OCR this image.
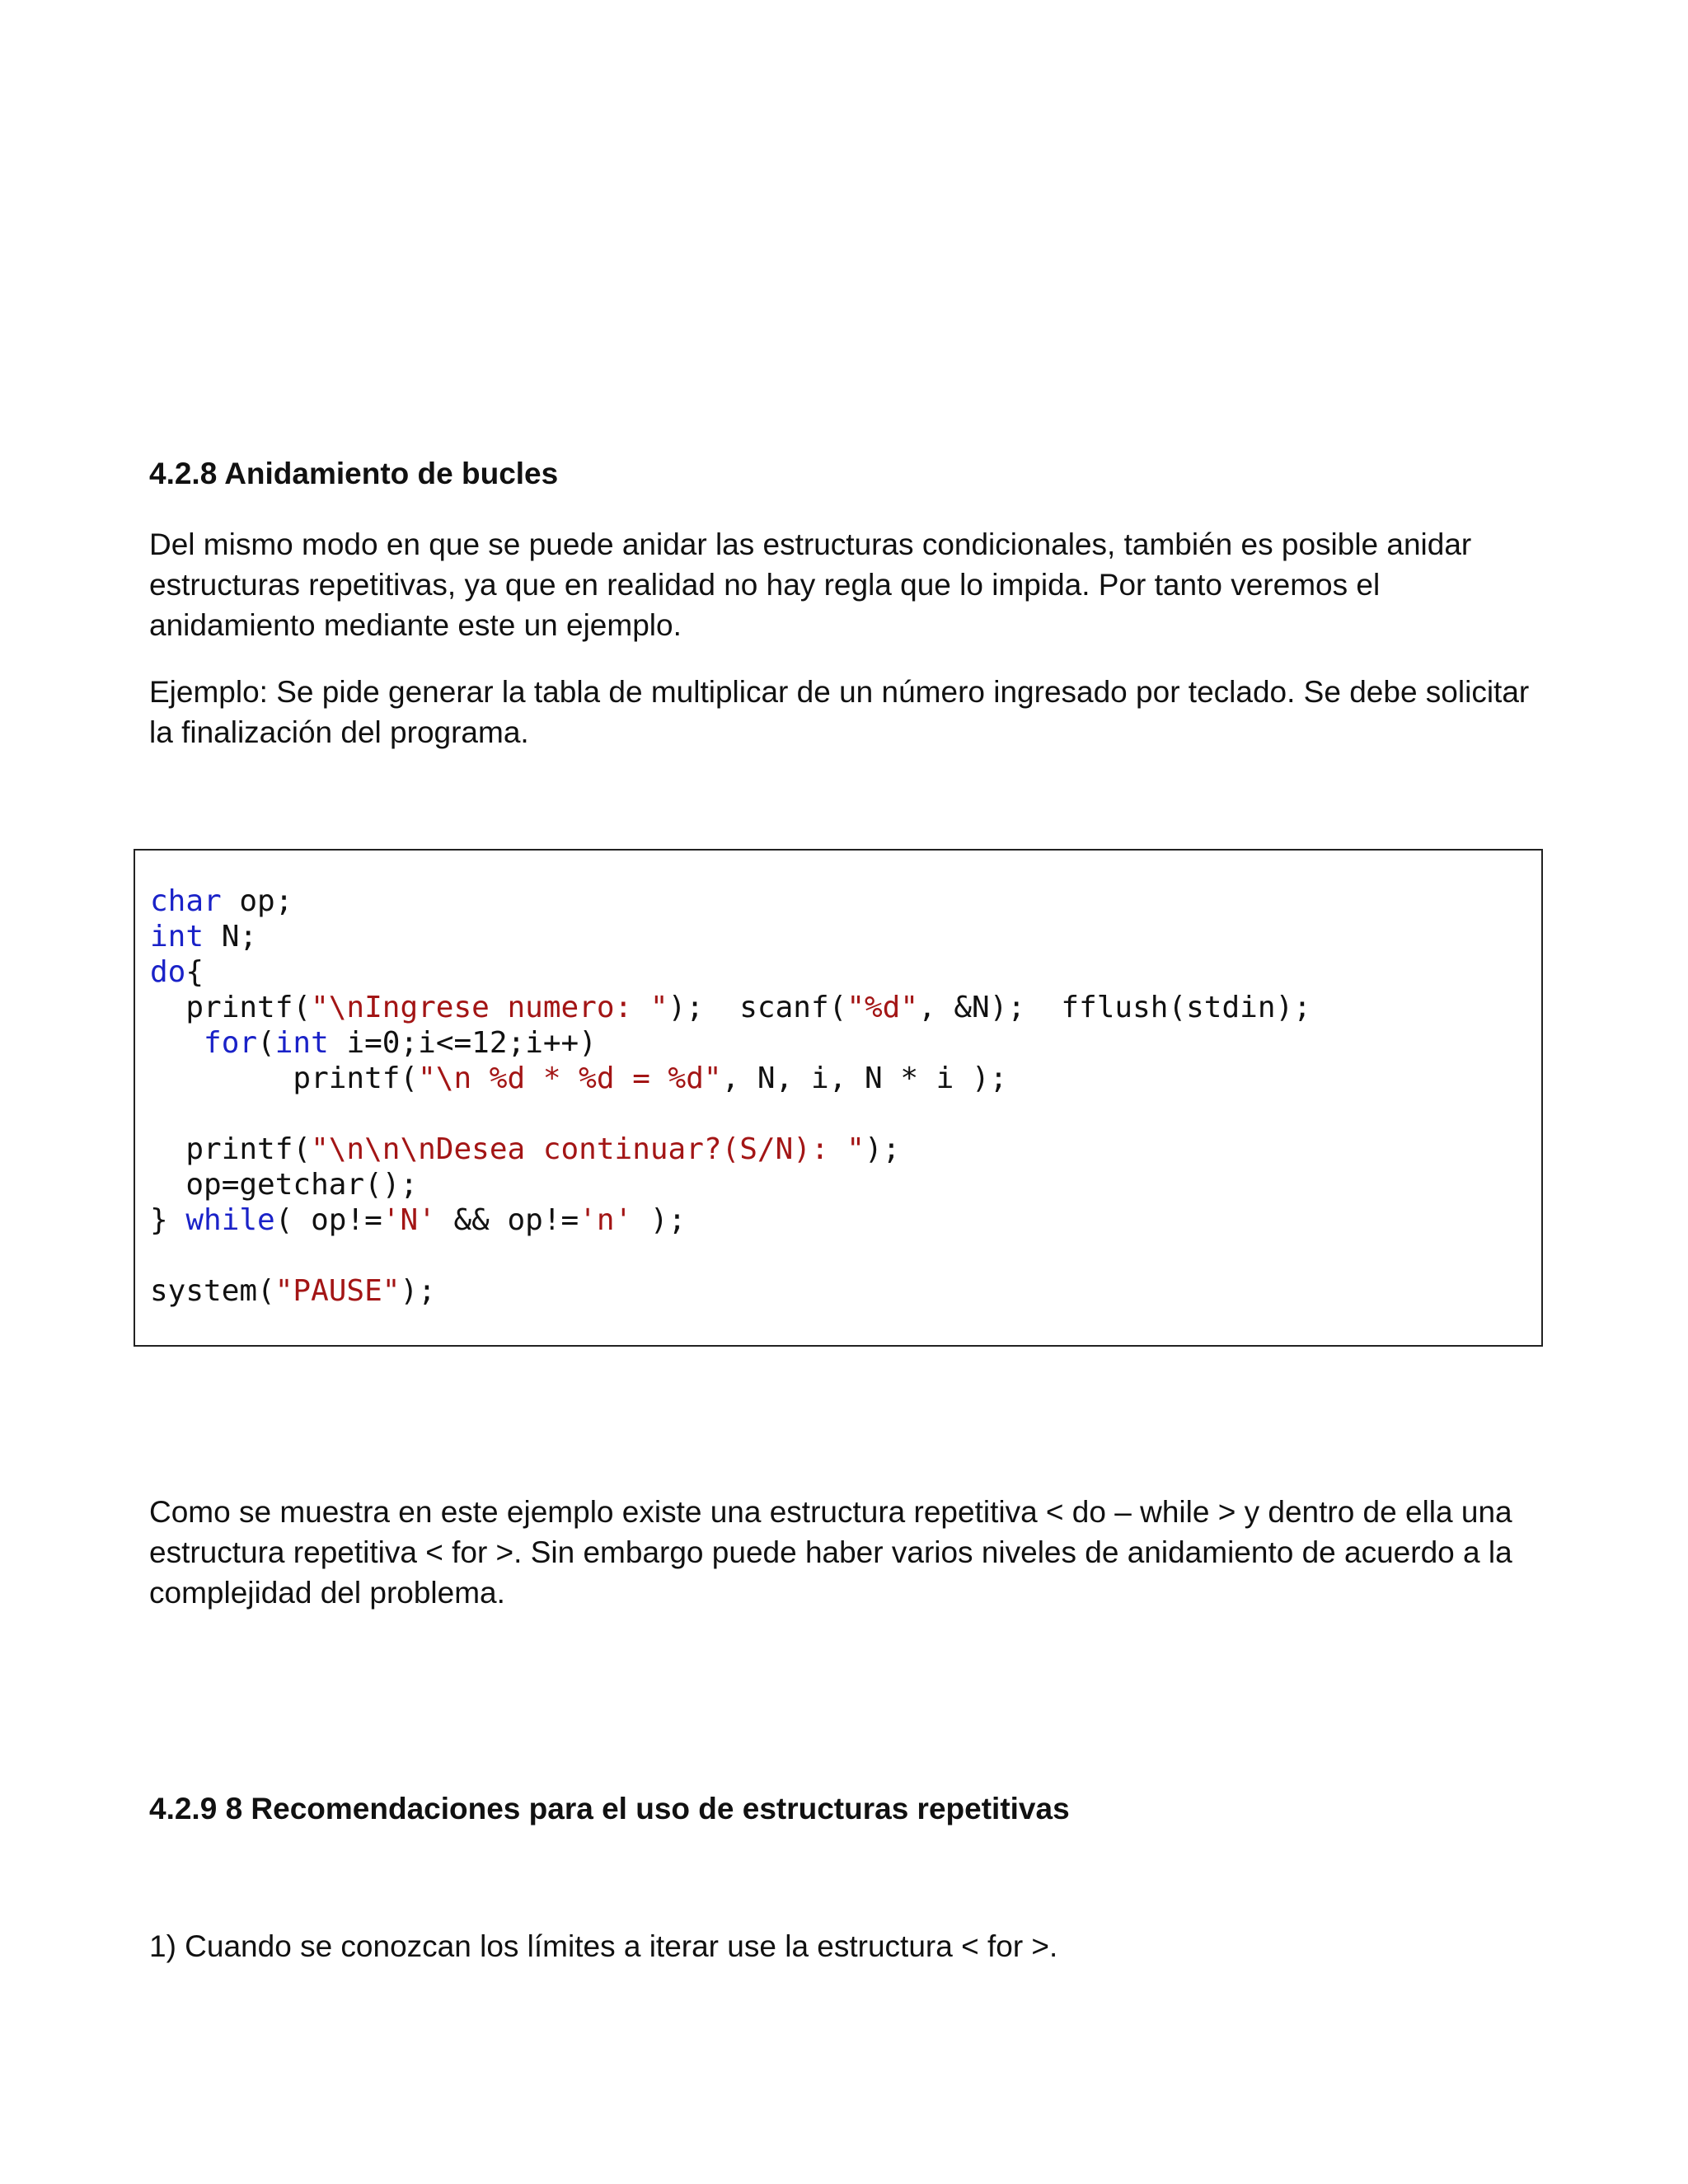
4.2.8 Anidamiento de bucles
Del mismo modo en que se puede anidar las estructuras condicionales, también es posible anidar
estructuras repetitivas, ya que en realidad no hay regla que lo impida. Por tanto veremos el
anidamiento mediante este un ejemplo.
Ejemplo: Se pide generar la tabla de multiplicar de un número ingresado por teclado. Se debe solicitar
la finalización del programa.
char op;
int N;
do{
printf("\nIngrese numero: ");  scanf("%d", &N);  fflush(stdin);
for(int i=0;i<=12;i++)
printf("\n %d * %d = %d", N, i, N * i );
printf("\n\n\nDesea continuar?(S/N): ");
op=getchar();
} while( op!='N' && op!='n' );
system("PAUSE");
Como se muestra en este ejemplo existe una estructura repetitiva < do – while > y dentro de ella una
estructura repetitiva < for >. Sin embargo puede haber varios niveles de anidamiento de acuerdo a la
complejidad del problema.
4.2.9 8 Recomendaciones para el uso de estructuras repetitivas
1) Cuando se conozcan los límites a iterar use la estructura < for >.
